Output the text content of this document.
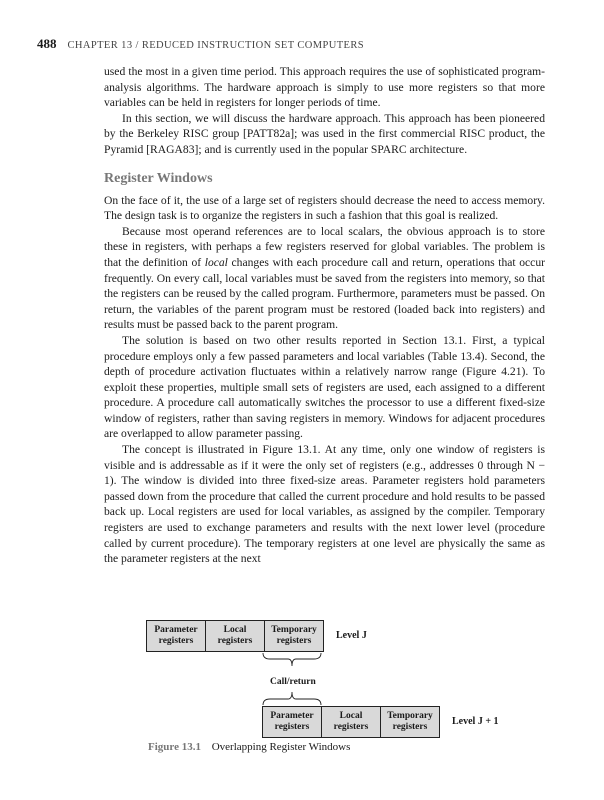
488 CHAPTER 13 / REDUCED INSTRUCTION SET COMPUTERS

used the most in a given time period. This approach requires the use of sophisticated program-analysis algorithms. The hardware approach is simply to use more registers so that more variables can be held in registers for longer periods of time.

In this section, we will discuss the hardware approach. This approach has been pioneered by the Berkeley RISC group [PATT82a]; was used in the first commercial RISC product, the Pyramid [RAGA83]; and is currently used in the popular SPARC architecture.

Register Windows

On the face of it, the use of a large set of registers should decrease the need to access memory. The design task is to organize the registers in such a fashion that this goal is realized.

Because most operand references are to local scalars, the obvious approach is to store these in registers, with perhaps a few registers reserved for global variables. The problem is that the definition of local changes with each procedure call and return, operations that occur frequently. On every call, local variables must be saved from the registers into memory, so that the registers can be reused by the called program. Furthermore, parameters must be passed. On return, the variables of the parent program must be restored (loaded back into registers) and results must be passed back to the parent program.

The solution is based on two other results reported in Section 13.1. First, a typical procedure employs only a few passed parameters and local variables (Table 13.4). Second, the depth of procedure activation fluctuates within a relatively narrow range (Figure 4.21). To exploit these properties, multiple small sets of registers are used, each assigned to a different procedure. A procedure call automatically switches the processor to use a different fixed-size window of registers, rather than saving registers in memory. Windows for adjacent procedures are overlapped to allow parameter passing.

The concept is illustrated in Figure 13.1. At any time, only one window of registers is visible and is addressable as if it were the only set of registers (e.g., addresses 0 through N − 1). The window is divided into three fixed-size areas. Parameter registers hold parameters passed down from the procedure that called the current procedure and hold results to be passed back up. Local registers are used for local variables, as assigned by the compiler. Temporary registers are used to exchange parameters and results with the next lower level (procedure called by current procedure). The temporary registers at one level are physically the same as the parameter registers at the next

Parameter registers
Local registers
Temporary registers	Level J
Call/return
Parameter registers
Local registers
Temporary registers	Level J + 1
Figure 13.1 Overlapping Register Windows
